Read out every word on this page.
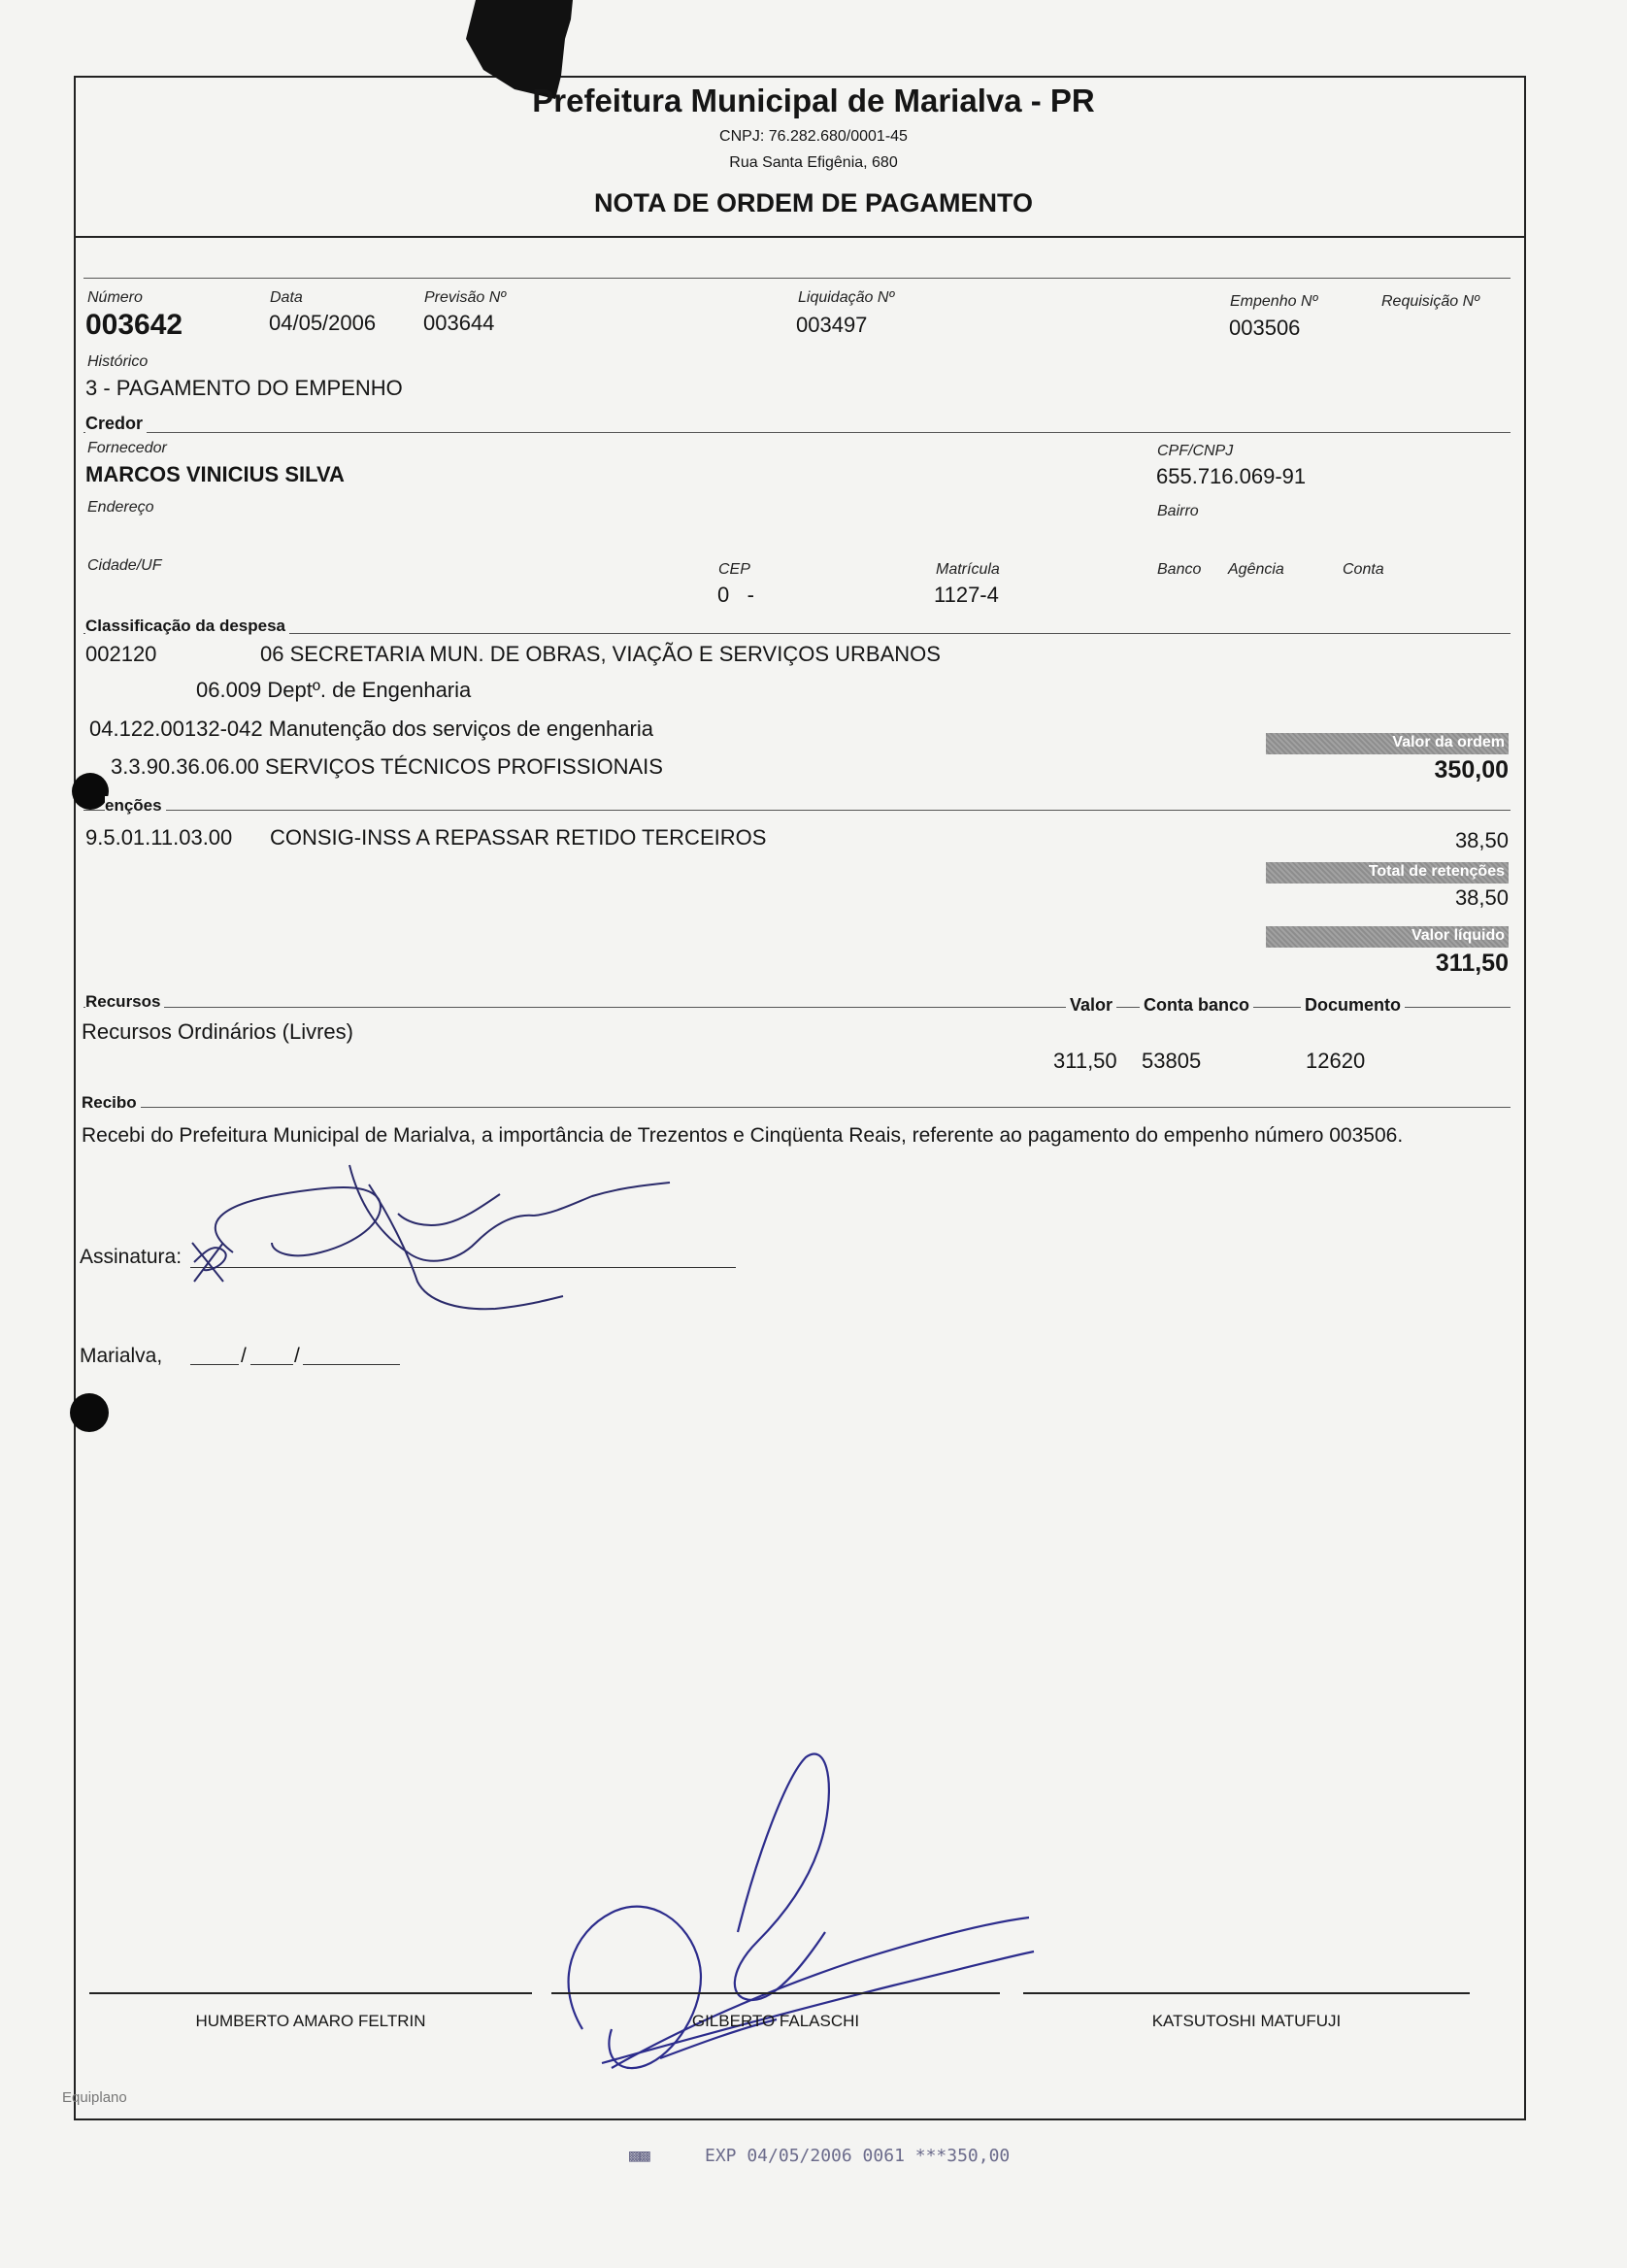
Prefeitura Municipal de Marialva - PR
CNPJ: 76.282.680/0001-45
Rua Santa Efigênia, 680
NOTA DE ORDEM DE PAGAMENTO
Número
003642
Data
04/05/2006
Previsão Nº
003644
Liquidação Nº
003497
Empenho Nº
003506
Requisição Nº
Histórico
3 - PAGAMENTO DO EMPENHO
Credor
Fornecedor
MARCOS VINICIUS SILVA
CPF/CNPJ
655.716.069-91
Endereço	Bairro
Cidade/UF	CEP
0   -
Matrícula
1127-4
Banco Agência	Conta
Classificação da despesa
002120	06 SECRETARIA MUN. DE OBRAS, VIAÇÃO E SERVIÇOS URBANOS
06.009 Deptº. de Engenharia
04.122.00132-042 Manutenção dos serviços de engenharia
3.3.90.36.06.00 SERVIÇOS TÉCNICOS PROFISSIONAIS
Valor da ordem
350,00
enções
9.5.01.11.03.00 CONSIG-INSS A REPASSAR RETIDO TERCEIROS	38,50
Total de retenções
38,50
Valor líquido
311,50
Recursos	Valor Conta banco	Documento
Recursos Ordinários (Livres)
311,50 53805	12620
Recibo
Recebi do Prefeitura Municipal de Marialva, a importância de Trezentos e Cinqüenta Reais, referente ao pagamento do empenho número 003506.
Assinatura:
Marialva,	/ /
HUMBERTO AMARO FELTRIN	GILBERTO FALASCHI	KATSUTOSHI MATUFUJI
Equiplano
▩▩	EXP 04/05/2006 0061 ***350,00
